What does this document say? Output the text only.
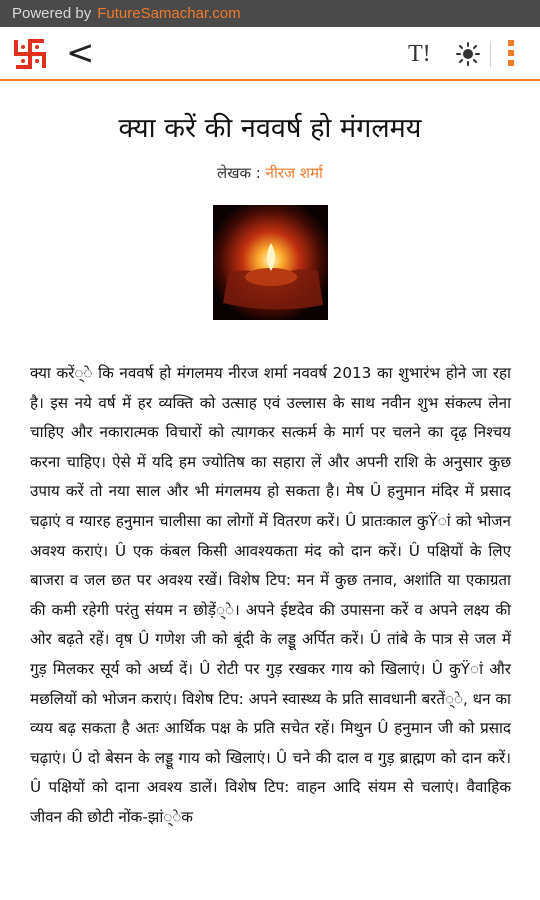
Powered by FutureSamachar.com
<	T!
क्या करें की नववर्ष हो मंगलमय
लेखक : नीरज शर्मा
क्या करें्े कि नववर्ष हो मंगलमय नीरज शर्मा नववर्ष 2013 का शुभारंभ होने जा रहा है। इस नये वर्ष में हर व्यक्ति को उत्साह एवं उल्लास के साथ नवीन शुभ संकल्प लेना चाहिए और नकारात्मक विचारों को त्यागकर सत्कर्म के मार्ग पर चलने का दृढ़ निश्चय करना चाहिए। ऐसे में यदि हम ज्योतिष का सहारा लें और अपनी राशि के अनुसार कुछ उपाय करें तो नया साल और भी मंगलमय हो सकता है। मेष Û हनुमान मंदिर में प्रसाद चढ़ाएं व ग्यारह हनुमान चालीसा का लोगों में वितरण करें। Û प्रातःकाल कुŸां को भोजन अवश्य कराएं। Û एक कंबल किसी आवश्यकता मंद को दान करें। Û पक्षियों के लिए बाजरा व जल छत पर अवश्य रखें। विशेष टिप: मन में कुछ तनाव, अशांति या एकाग्रता की कमी रहेगी परंतु संयम न छोड़ें्े। अपने ईष्टदेव की उपासना करें व अपने लक्ष्य की ओर बढ़ते रहें। वृष Û गणेश जी को बूंदी के लड्डू अर्पित करें। Û तांबे के पात्र से जल में गुड़ मिलकर सूर्य को अर्घ्य दें। Û रोटी पर गुड़ रखकर गाय को खिलाएं। Û कुŸां और मछलियों को भोजन कराएं। विशेष टिप: अपने स्वास्थ्य के प्रति सावधानी बरतें्े, धन का व्यय बढ़ सकता है अतः आर्थिक पक्ष के प्रति सचेत रहें। मिथुन Û हनुमान जी को प्रसाद चढ़ाएं। Û दो बेसन के लड्डू गाय को खिलाएं। Û चने की दाल व गुड़ ब्राह्मण को दान करें। Û पक्षियों को दाना अवश्य डालें। विशेष टिप: वाहन आदि संयम से चलाएं। वैवाहिक जीवन की छोटी नोंक-झां्ेक
